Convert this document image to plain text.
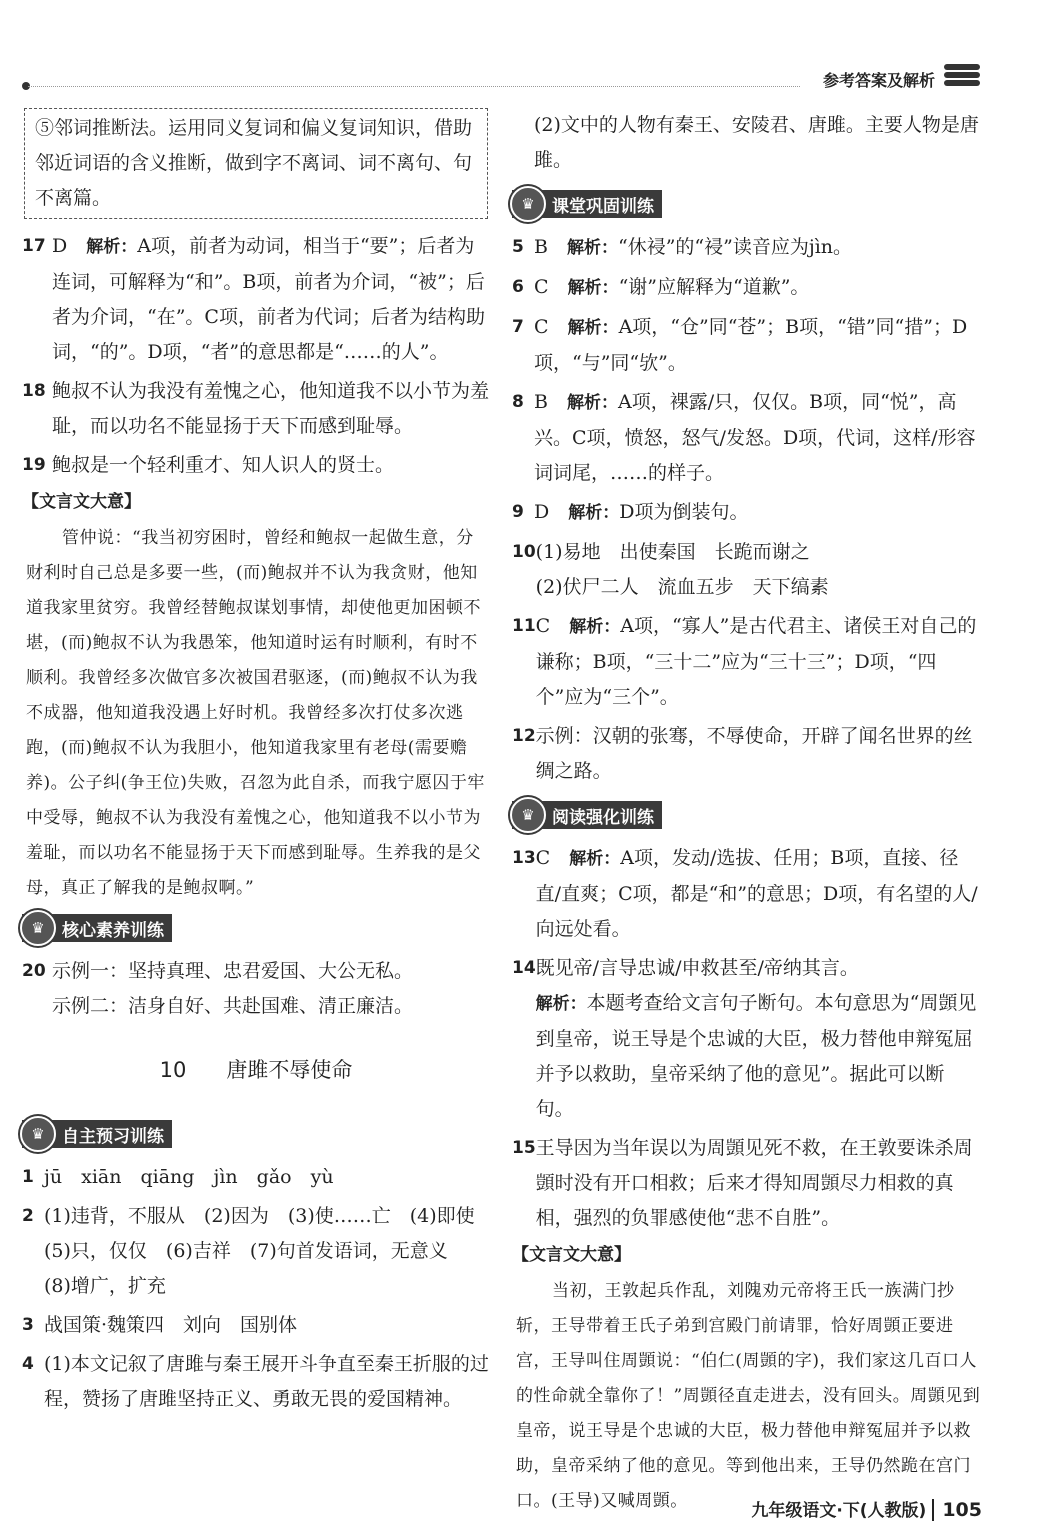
参考答案及解析
⑤邻词推断法。运用同义复词和偏义复词知识，借助邻近词语的含义推断，做到字不离词、词不离句、句不离篇。
17 D　 解析：A项，前者为动词，相当于“要”；后者为连词，可解释为“和”。B项，前者为介词，“被”；后者为介词，“在”。C项，前者为代词；后者为结构助词，“的”。D项，“者”的意思都是“……的人”。
18 鲍叔不认为我没有羞愧之心，他知道我不以小节为羞耻，而以功名不能显扬于天下而感到耻辱。
19 鲍叔是一个轻利重才、知人识人的贤士。
【文言文大意】
管仲说：“我当初穷困时，曾经和鲍叔一起做生意，分财利时自己总是多要一些，(而)鲍叔并不认为我贪财，他知道我家里贫穷。我曾经替鲍叔谋划事情，却使他更加困顿不堪，(而)鲍叔不认为我愚笨，他知道时运有时顺利，有时不顺利。我曾经多次做官多次被国君驱逐，(而)鲍叔不认为我不成器，他知道我没遇上好时机。我曾经多次打仗多次逃跑，(而)鲍叔不认为我胆小，他知道我家里有老母(需要赡养)。公子纠(争王位)失败，召忽为此自杀，而我宁愿囚于牢中受辱，鲍叔不认为我没有羞愧之心，他知道我不以小节为羞耻，而以功名不能显扬于天下而感到耻辱。生养我的是父母，真正了解我的是鲍叔啊。”
♛	核心素养训练
20 示例一：坚持真理、忠君爱国、大公无私。
示例二：洁身自好、共赴国难、清正廉洁。
10 唐雎不辱使命
♛	自主预习训练
1 jū　xiān　qiāng　jìn　gǎo　yù
2 (1)违背，不服从　(2)因为　(3)使……亡　(4)即使
(5)只，仅仅　(6)吉祥　(7)句首发语词，无意义
(8)增广，扩充
3 战国策·魏策四　刘向　国别体
4 (1)本文记叙了唐雎与秦王展开斗争直至秦王折服的过程，赞扬了唐雎坚持正义、勇敢无畏的爱国精神。
(2)文中的人物有秦王、安陵君、唐雎。主要人物是唐雎。
♛	课堂巩固训练
5 B　 解析：“休祲”的“祲”读音应为jìn。
6 C　 解析：“谢”应解释为“道歉”。
7 C　 解析：A项，“仓”同“苍”；B项，“错”同“措”；D项，“与”同“欤”。
8 B　 解析：A项，裸露/只，仅仅。B项，同“悦”，高兴。C项，愤怒，怒气/发怒。D项，代词，这样/形容词词尾，……的样子。
9 D　 解析：D项为倒装句。
10 (1)易地　出使秦国　长跪而谢之
(2)伏尸二人　流血五步　天下缟素
11 C　 解析：A项，“寡人”是古代君主、诸侯王对自己的谦称；B项，“三十二”应为“三十三”；D项，“四个”应为“三个”。
12 示例：汉朝的张骞，不辱使命，开辟了闻名世界的丝绸之路。
♛	阅读强化训练
13 C　 解析：A项，发动/选拔、任用；B项，直接、径直/直爽；C项，都是“和”的意思；D项，有名望的人/向远处看。
14 既见帝/言导忠诚/申救甚至/帝纳其言。
解析：本题考查给文言句子断句。本句意思为“周顗见到皇帝，说王导是个忠诚的大臣，极力替他申辩冤屈并予以救助，皇帝采纳了他的意见”。据此可以断句。
15 王导因为当年误以为周顗见死不救，在王敦要诛杀周顗时没有开口相救；后来才得知周顗尽力相救的真相，强烈的负罪感使他“悲不自胜”。
【文言文大意】
当初，王敦起兵作乱，刘隗劝元帝将王氏一族满门抄斩，王导带着王氏子弟到宫殿门前请罪，恰好周顗正要进宫，王导叫住周顗说：“伯仁(周顗的字)，我们家这几百口人的性命就全靠你了！”周顗径直走进去，没有回头。周顗见到皇帝，说王导是个忠诚的大臣，极力替他申辩冤屈并予以救助，皇帝采纳了他的意见。等到他出来，王导仍然跪在宫门口。(王导)又喊周顗。	九年级语文·下(人教版) 105
